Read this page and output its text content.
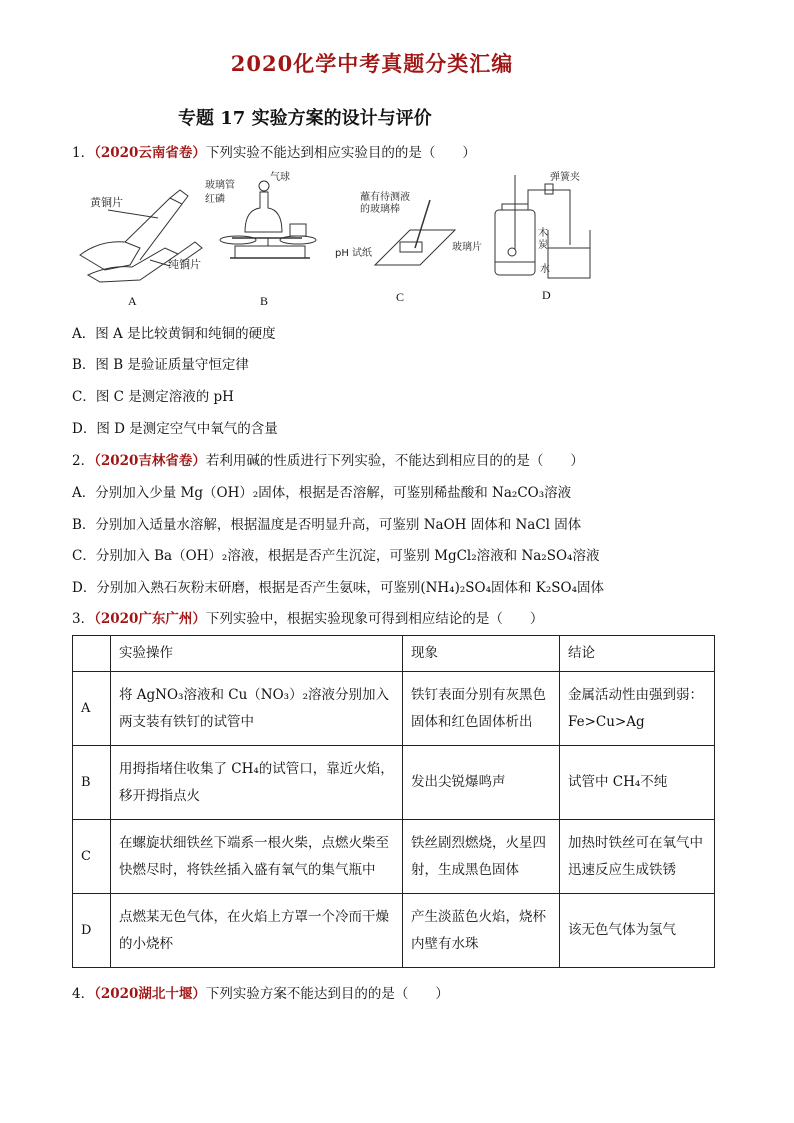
2020化学中考真题分类汇编
专题 17 实验方案的设计与评价
1．（2020云南省卷）下列实验不能达到相应实验目的的是（　　）
黄铜片
纯铜片
玻璃管
红磷
气球
蘸有待测液
的玻璃棒
pH 试纸
玻璃片
弹簧夹
木
炭
水
A	B	C	D
A．图 A 是比较黄铜和纯铜的硬度
B．图 B 是验证质量守恒定律
C．图 C 是测定溶液的 pH
D．图 D 是测定空气中氧气的含量
2．（2020吉林省卷）若利用碱的性质进行下列实验，不能达到相应目的的是（　　）
A．分别加入少量 Mg（OH）₂固体，根据是否溶解，可鉴别稀盐酸和 Na₂CO₃溶液
B．分别加入适量水溶解，根据温度是否明显升高，可鉴别 NaOH 固体和 NaCl 固体
C．分别加入 Ba（OH）₂溶液，根据是否产生沉淀，可鉴别 MgCl₂溶液和 Na₂SO₄溶液
D．分别加入熟石灰粉末研磨，根据是否产生氨味，可鉴别(NH₄)₂SO₄固体和 K₂SO₄固体
3．（2020广东广州）下列实验中，根据实验现象可得到相应结论的是（　　）
	实验操作	现象	结论
A	将 AgNO₃溶液和 Cu（NO₃）₂溶液分别加入两支装有铁钉的试管中	铁钉表面分别有灰黑色固体和红色固体析出	金属活动性由强到弱：Fe>Cu>Ag
B	用拇指堵住收集了 CH₄的试管口，靠近火焰，移开拇指点火	发出尖锐爆鸣声	试管中 CH₄不纯
C	在螺旋状细铁丝下端系一根火柴，点燃火柴至快燃尽时，将铁丝插入盛有氧气的集气瓶中	铁丝剧烈燃烧，火星四射，生成黑色固体	加热时铁丝可在氧气中迅速反应生成铁锈
D	点燃某无色气体，在火焰上方罩一个冷而干燥的小烧杯	产生淡蓝色火焰，烧杯内壁有水珠	该无色气体为氢气
4．（2020湖北十堰）下列实验方案不能达到目的的是（　　）
